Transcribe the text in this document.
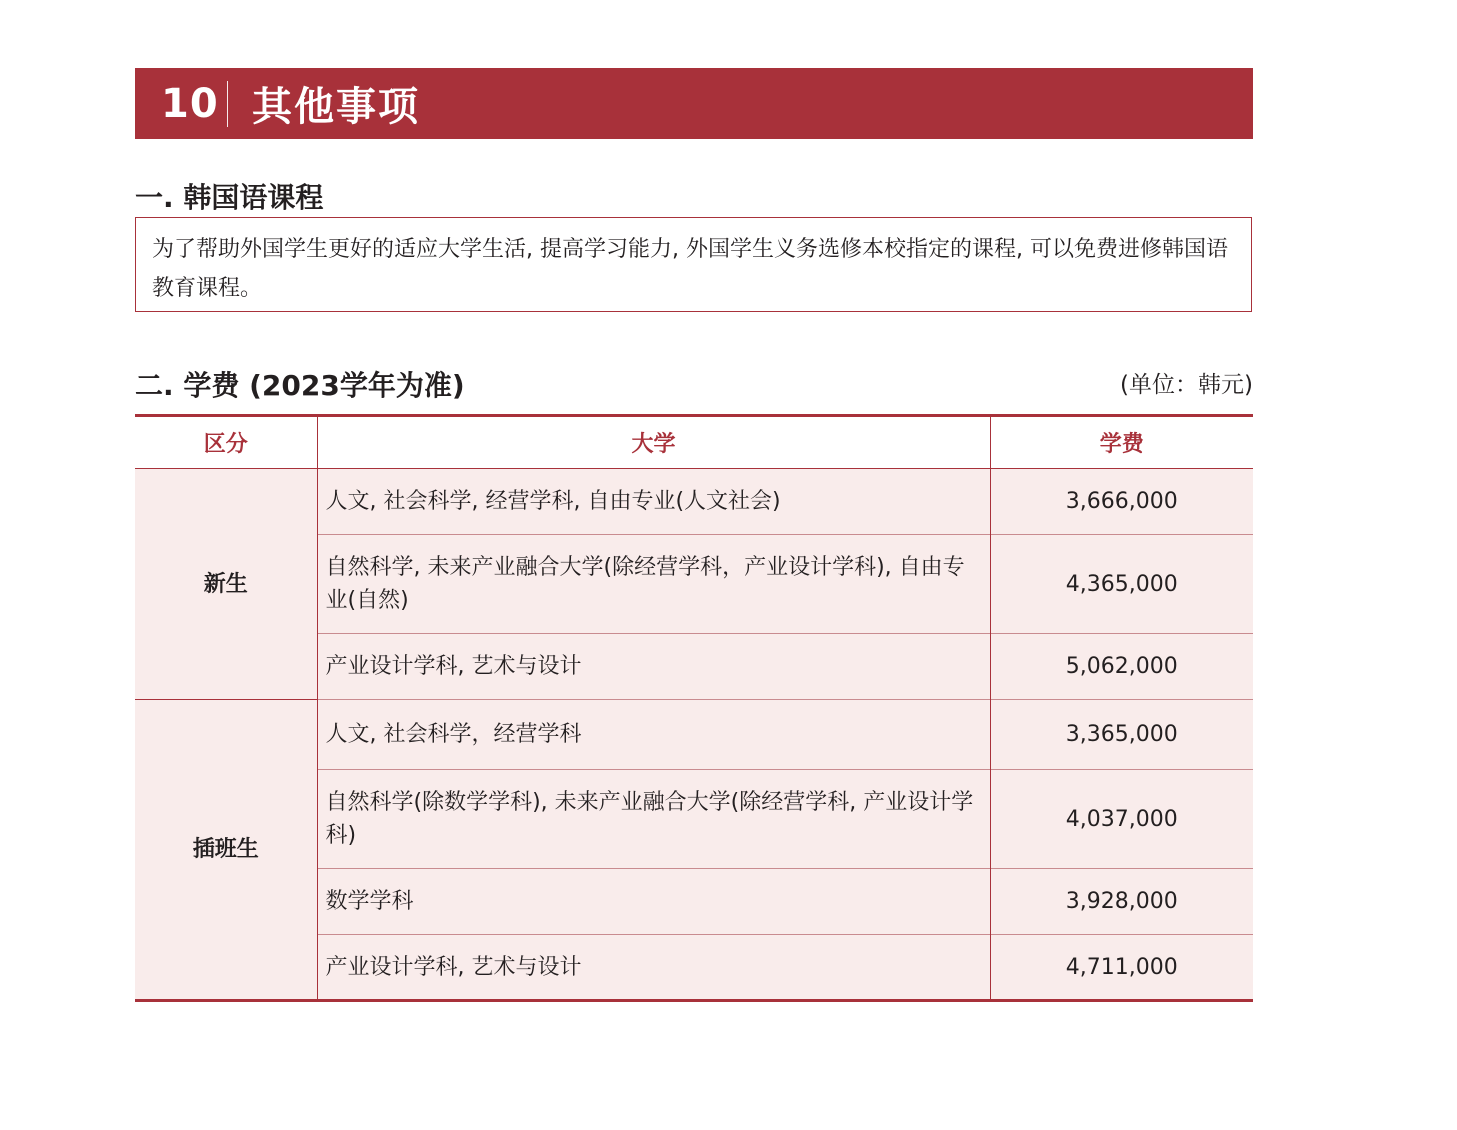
10 其他事项
一. 韩国语课程
为了帮助外国学生更好的适应大学生活, 提高学习能力, 外国学生义务选修本校指定的课程, 可以免费进修韩国语教育课程。
二. 学费 (2023学年为准)	(单位：韩元)
区分	大学	学费
新生	人文, 社会科学, 经营学科, 自由专业(人文社会)	3,666,000
	自然科学, 未来产业融合大学(除经营学科，产业设计学科), 自由专业(自然)	4,365,000
	产业设计学科, 艺术与设计	5,062,000
插班生	人文, 社会科学，经营学科	3,365,000
	自然科学(除数学学科), 未来产业融合大学(除经营学科, 产业设计学科)	4,037,000
	数学学科	3,928,000
	产业设计学科, 艺术与设计	4,711,000
